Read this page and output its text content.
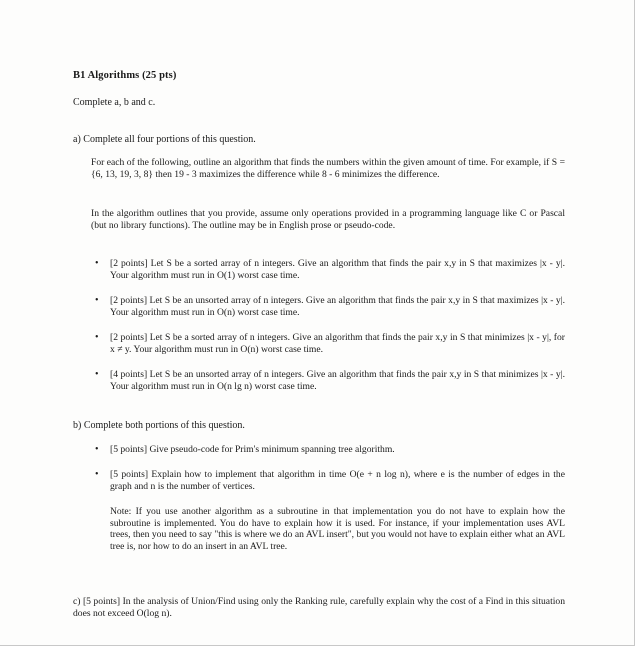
B1 Algorithms (25 pts)
Complete a, b and c.
a) Complete all four portions of this question.
For each of the following, outline an algorithm that finds the numbers within the given amount of time. For example, if S = {6, 13, 19, 3, 8} then 19 - 3 maximizes the difference while 8 - 6 minimizes the difference.
In the algorithm outlines that you provide, assume only operations provided in a programming language like C or Pascal (but no library functions). The outline may be in English prose or pseudo-code.
• [2 points] Let S be a sorted array of n integers. Give an algorithm that finds the pair x,y in S that maximizes |x - y|. Your algorithm must run in O(1) worst case time.
• [2 points] Let S be an unsorted array of n integers. Give an algorithm that finds the pair x,y in S that maximizes |x - y|. Your algorithm must run in O(n) worst case time.
• [2 points] Let S be a sorted array of n integers. Give an algorithm that finds the pair x,y in S that minimizes |x - y|, for x ≠ y. Your algorithm must run in O(n) worst case time.
• [4 points] Let S be an unsorted array of n integers. Give an algorithm that finds the pair x,y in S that minimizes |x - y|. Your algorithm must run in O(n lg n) worst case time.
b) Complete both portions of this question.
• [5 points] Give pseudo-code for Prim's minimum spanning tree algorithm.
• [5 points] Explain how to implement that algorithm in time O(e + n log n), where e is the number of edges in the graph and n is the number of vertices.
Note: If you use another algorithm as a subroutine in that implementation you do not have to explain how the subroutine is implemented. You do have to explain how it is used. For instance, if your implementation uses AVL trees, then you need to say "this is where we do an AVL insert", but you would not have to explain either what an AVL tree is, nor how to do an insert in an AVL tree.
c) [5 points] In the analysis of Union/Find using only the Ranking rule, carefully explain why the cost of a Find in this situation does not exceed O(log n).
